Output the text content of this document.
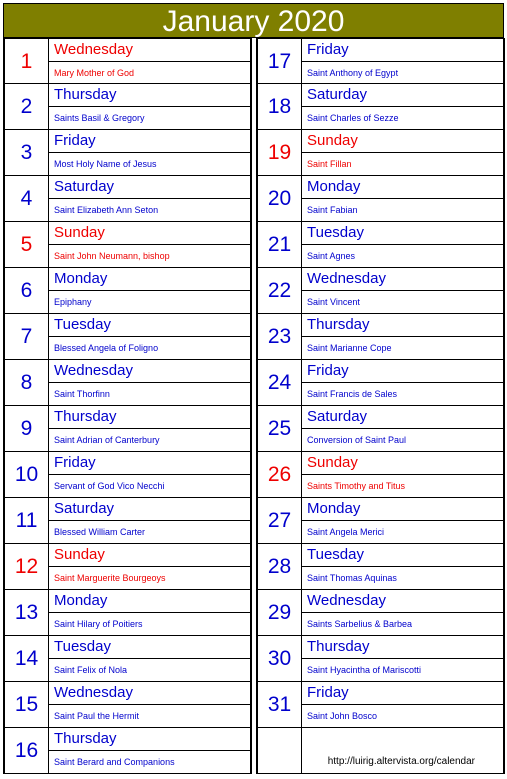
January 2020
1
Wednesday
Mary Mother of God
2
Thursday
Saints Basil & Gregory
3
Friday
Most Holy Name of Jesus
4
Saturday
Saint Elizabeth Ann Seton
5
Sunday
Saint John Neumann, bishop
6
Monday
Epiphany
7
Tuesday
Blessed Angela of Foligno
8
Wednesday
Saint Thorfinn
9
Thursday
Saint Adrian of Canterbury
10
Friday
Servant of God Vico Necchi
11
Saturday
Blessed William Carter
12
Sunday
Saint Marguerite Bourgeoys
13
Monday
Saint Hilary of Poitiers
14
Tuesday
Saint Felix of Nola
15
Wednesday
Saint Paul the Hermit
16
Thursday
Saint Berard and Companions
17
Friday
Saint Anthony of Egypt
18
Saturday
Saint Charles of Sezze
19
Sunday
Saint Fillan
20
Monday
Saint Fabian
21
Tuesday
Saint Agnes
22
Wednesday
Saint Vincent
23
Thursday
Saint Marianne Cope
24
Friday
Saint Francis de Sales
25
Saturday
Conversion of Saint Paul
26
Sunday
Saints Timothy and Titus
27
Monday
Saint Angela Merici
28
Tuesday
Saint Thomas Aquinas
29
Wednesday
Saints Sarbelius & Barbea
30
Thursday
Saint Hyacintha of Mariscotti
31
Friday
Saint John Bosco
http://luirig.altervista.org/calendar
